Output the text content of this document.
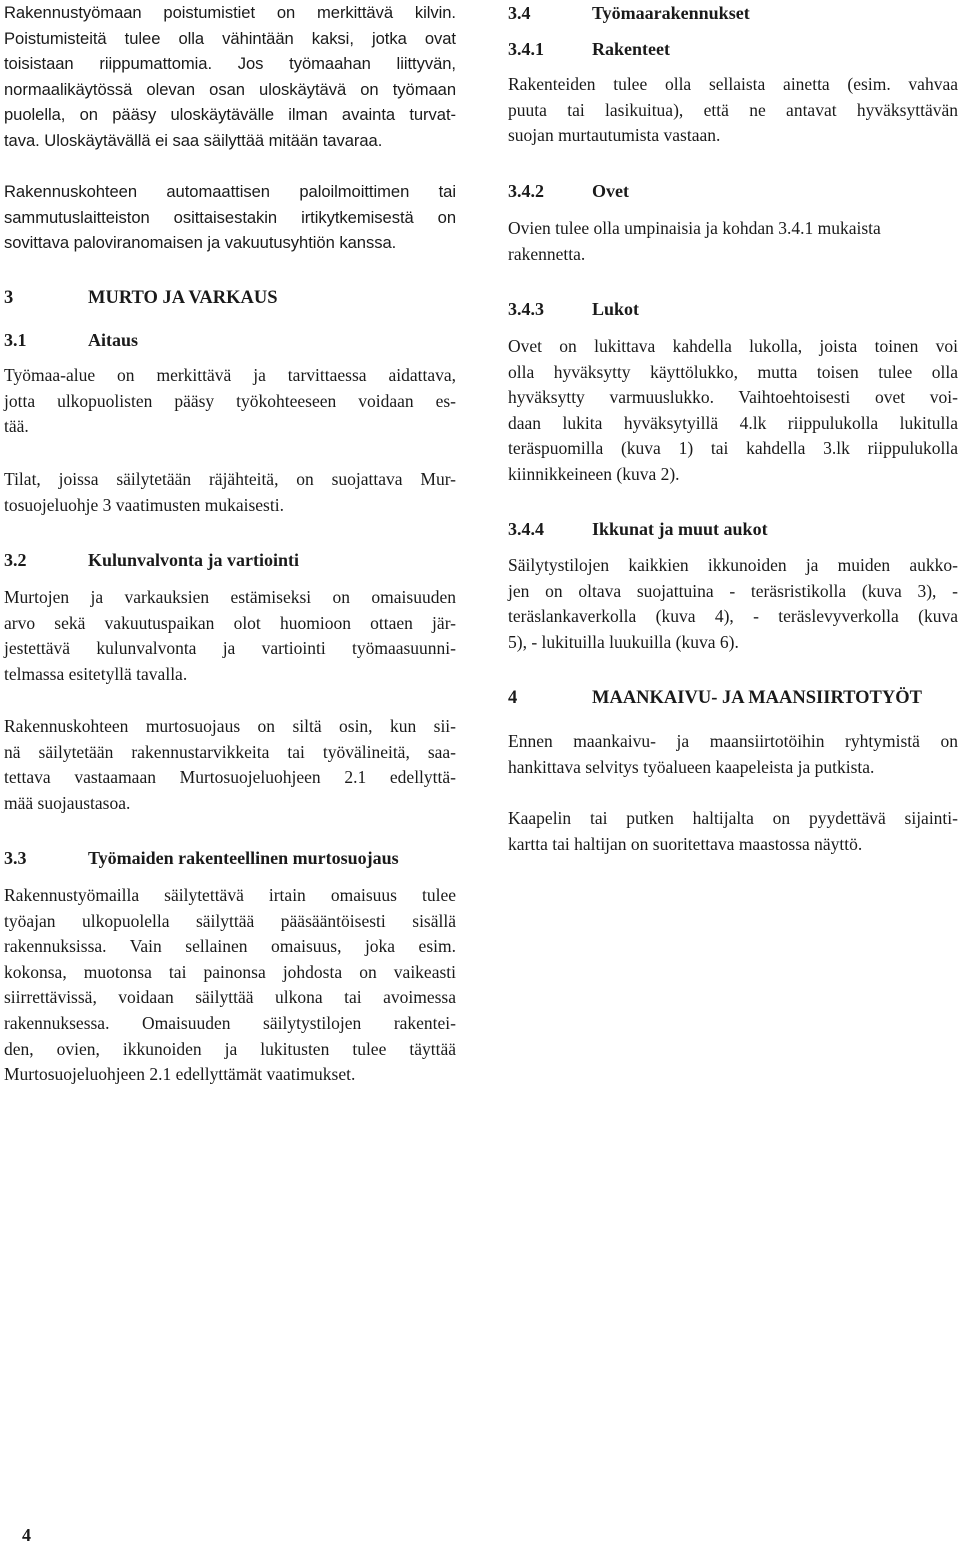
Rakennustyömaan poistumistiet on merkittävä kilvin.
Poistumisteitä tulee olla vähintään kaksi, jotka ovat
toisistaan riippumattomia. Jos työmaahan liittyvän,
normaalikäytössä olevan osan uloskäytävä on työmaan
puolella, on pääsy uloskäytävälle ilman avainta turvat-
tava. Uloskäytävällä ei saa säilyttää mitään tavaraa.

Rakennuskohteen automaattisen paloilmoittimen tai
sammutuslaitteiston osittaisestakin irtikytkemisestä on
sovittava paloviranomaisen ja vakuutusyhtiön kanssa.

3	MURTO JA VARKAUS
3.1	Aitaus

Työmaa-alue on merkittävä ja tarvittaessa aidattava,
jotta ulkopuolisten pääsy työkohteeseen voidaan es-
tää.

Tilat, joissa säilytetään räjähteitä, on suojattava Mur-
tosuojeluohje 3 vaatimusten mukaisesti.

3.2	Kulunvalvonta ja vartiointi

Murtojen ja varkauksien estämiseksi on omaisuuden
arvo sekä vakuutuspaikan olot huomioon ottaen jär-
jestettävä kulunvalvonta ja vartiointi työmaasuunni-
telmassa esitetyllä tavalla.

Rakennuskohteen murtosuojaus on siltä osin, kun sii-
nä säilytetään rakennustarvikkeita tai työvälineitä, saa-
tettava vastaamaan Murtosuojeluohjeen 2.1 edellyttä-
mää suojaustasoa.

3.3	Työmaiden rakenteellinen murtosuojaus

Rakennustyömailla säilytettävä irtain omaisuus tulee
työajan ulkopuolella säilyttää pääsääntöisesti sisällä
rakennuksissa. Vain sellainen omaisuus, joka esim.
kokonsa, muotonsa tai painonsa johdosta on vaikeasti
siirrettävissä, voidaan säilyttää ulkona tai avoimessa
rakennuksessa. Omaisuuden säilytystilojen rakentei-
den, ovien, ikkunoiden ja lukitusten tulee täyttää
Murtosuojeluohjeen 2.1 edellyttämät vaatimukset.

3.4	Työmaarakennukset
3.4.1	Rakenteet

Rakenteiden tulee olla sellaista ainetta (esim. vahvaa
puuta tai lasikuitua), että ne antavat hyväksyttävän
suojan murtautumista vastaan.

3.4.2	Ovet

Ovien tulee olla umpinaisia ja kohdan 3.4.1 mukaista
rakennetta.

3.4.3	Lukot

Ovet on lukittava kahdella lukolla, joista toinen voi
olla hyväksytty käyttölukko, mutta toisen tulee olla
hyväksytty varmuuslukko. Vaihtoehtoisesti ovet voi-
daan lukita hyväksytyillä 4.lk riippulukolla lukitulla
teräspuomilla (kuva 1) tai kahdella 3.lk riippulukolla
kiinnikkeineen (kuva 2).

3.4.4	Ikkunat ja muut aukot

Säilytystilojen kaikkien ikkunoiden ja muiden aukko-
jen on oltava suojattuina - teräsristikolla (kuva 3), -
teräslankaverkolla (kuva 4), - teräslevyverkolla (kuva
5), - lukituilla luukuilla (kuva 6).

4	MAANKAIVU- JA MAANSIIRTOTYÖT

Ennen maankaivu- ja maansiirtotöihin ryhtymistä on
hankittava selvitys työalueen kaapeleista ja putkista.

Kaapelin tai putken haltijalta on pyydettävä sijainti-
kartta tai haltijan on suoritettava maastossa näyttö.

4
